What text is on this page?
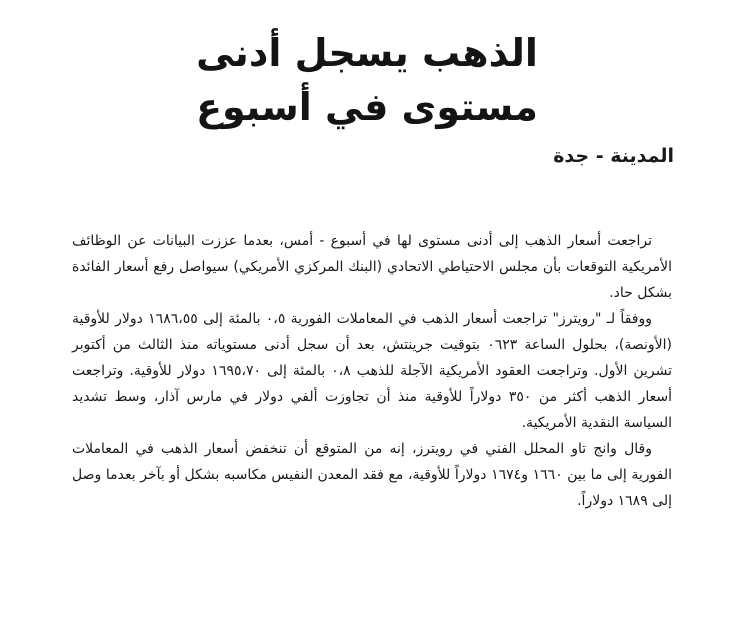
الذهب يسجل أدنى
مستوى في أسبوع
المدينة - جدة

تراجعت أسعار الذهب إلى أدنى مستوى لها في أسبوع - أمس، بعدما عززت البيانات عن الوظائف الأمريكية التوقعات بأن مجلس الاحتياطي الاتحادي (البنك المركزي الأمريكي) سيواصل رفع أسعار الفائدة بشكل حاد.

ووفقاً لـ "رويترز" تراجعت أسعار الذهب في المعاملات الفورية ٠،٥ بالمئة إلى ١٦٨٦،٥٥ دولار للأوقية (الأونصة)، بحلول الساعة ٠٦٢٣ بتوقيت جرينتش، بعد أن سجل أدنى مستوياته منذ الثالث من أكتوبر تشرين الأول. وتراجعت العقود الأمريكية الآجلة للذهب ٠،٨ بالمئة إلى ١٦٩٥،٧٠ دولار للأوقية. وتراجعت أسعار الذهب أكثر من ٣٥٠ دولاراً للأوقية منذ أن تجاوزت ألفي دولار في مارس آذار، وسط تشديد السياسة النقدية الأمريكية.

وقال وانج تاو المحلل الفني في رويترز، إنه من المتوقع أن تنخفض أسعار الذهب في المعاملات الفورية إلى ما بين ١٦٦٠ و١٦٧٤ دولاراً للأوقية، مع فقد المعدن النفيس مكاسبه بشكل أو بآخر بعدما وصل إلى ١٦٨٩ دولاراً.
